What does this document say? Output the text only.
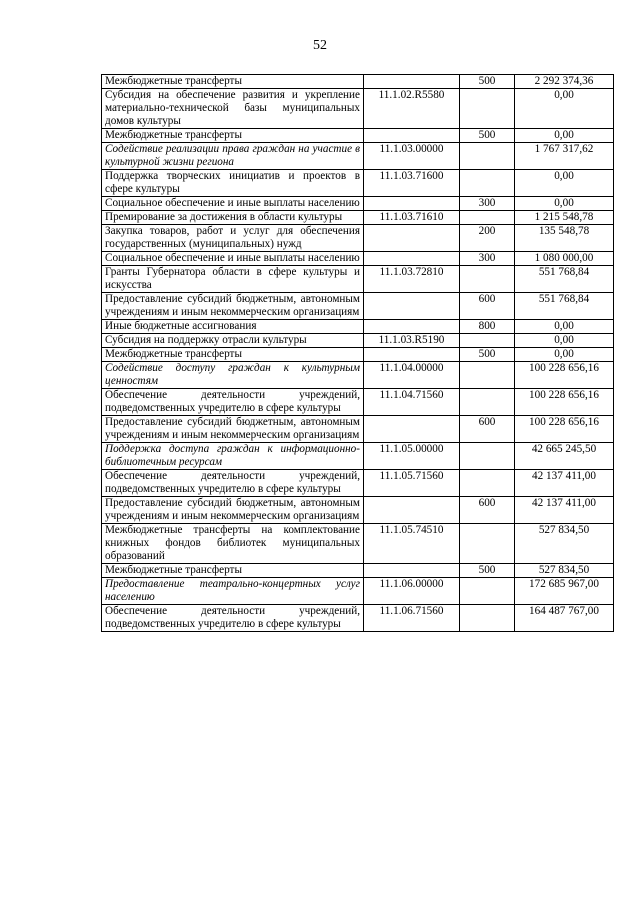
52
Межбюджетные трансферты		500	2 292 374,36
Субсидия на обеспечение развития и укрепление материально-технической базы муниципальных домов культуры	11.1.02.R5580		0,00
Межбюджетные трансферты		500	0,00
Содействие реализации права граждан на участие в культурной жизни региона	11.1.03.00000		1 767 317,62
Поддержка творческих инициатив и проектов в сфере культуры	11.1.03.71600		0,00
Социальное обеспечение и иные выплаты населению		300	0,00
Премирование за достижения в области культуры	11.1.03.71610		1 215 548,78
Закупка товаров, работ и услуг для обеспечения государственных (муниципальных) нужд		200	135 548,78
Социальное обеспечение и иные выплаты населению		300	1 080 000,00
Гранты Губернатора области в сфере культуры и искусства	11.1.03.72810		551 768,84
Предоставление субсидий бюджетным, автономным учреждениям и иным некоммерческим организациям		600	551 768,84
Иные бюджетные ассигнования		800	0,00
Субсидия на поддержку отрасли культуры	11.1.03.R5190		0,00
Межбюджетные трансферты		500	0,00
Содействие доступу граждан к культурным ценностям	11.1.04.00000		100 228 656,16
Обеспечение деятельности учреждений, подведомственных учредителю в сфере культуры	11.1.04.71560		100 228 656,16
Предоставление субсидий бюджетным, автономным учреждениям и иным некоммерческим организациям		600	100 228 656,16
Поддержка доступа граждан к информационно-библиотечным ресурсам	11.1.05.00000		42 665 245,50
Обеспечение деятельности учреждений, подведомственных учредителю в сфере культуры	11.1.05.71560		42 137 411,00
Предоставление субсидий бюджетным, автономным учреждениям и иным некоммерческим организациям		600	42 137 411,00
Межбюджетные трансферты на комплектование книжных фондов библиотек муниципальных образований	11.1.05.74510		527 834,50
Межбюджетные трансферты		500	527 834,50
Предоставление театрально-концертных услуг населению	11.1.06.00000		172 685 967,00
Обеспечение деятельности учреждений, подведомственных учредителю в сфере культуры	11.1.06.71560		164 487 767,00
